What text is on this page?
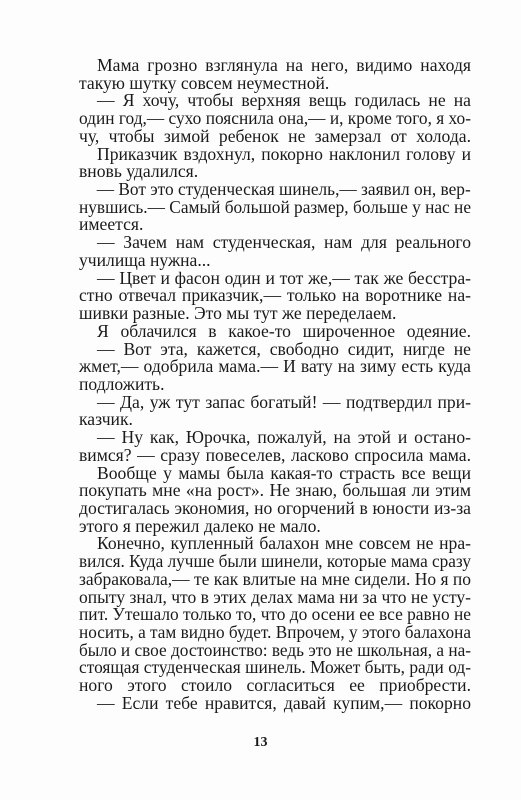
Мама грозно взглянула на него, видимо находя
такую шутку совсем неуместной.
— Я хочу, чтобы верхняя вещь годилась не на
один год,— сухо пояснила она,— и, кроме того, я хо-
чу, чтобы зимой ребенок не замерзал от холода.
Приказчик вздохнул, покорно наклонил голову и
вновь удалился.
— Вот это студенческая шинель,— заявил он, вер-
нувшись.— Самый большой размер, больше у нас не
имеется.
— Зачем нам студенческая, нам для реального
училища нужна...
— Цвет и фасон один и тот же,— так же бесстра-
стно отвечал приказчик,— только на воротнике на-
шивки разные. Это мы тут же переделаем.
Я облачился в какое-то широченное одеяние.
— Вот эта, кажется, свободно сидит, нигде не
жмет,— одобрила мама.— И вату на зиму есть куда
подложить.
— Да, уж тут запас богатый! — подтвердил при-
казчик.
— Ну как, Юрочка, пожалуй, на этой и остано-
вимся? — сразу повеселев, ласково спросила мама.
Вообще у мамы была какая-то страсть все вещи
покупать мне «на рост». Не знаю, большая ли этим
достигалась экономия, но огорчений в юности из-за
этого я пережил далеко не мало.
Конечно, купленный балахон мне совсем не нра-
вился. Куда лучше были шинели, которые мама сразу
забраковала,— те как влитые на мне сидели. Но я по
опыту знал, что в этих делах мама ни за что не усту-
пит. Утешало только то, что до осени ее все равно не
носить, а там видно будет. Впрочем, у этого балахона
было и свое достоинство: ведь это не школьная, а на-
стоящая студенческая шинель. Может быть, ради од-
ного этого стоило согласиться ее приобрести.
— Если тебе нравится, давай купим,— покорно
13
